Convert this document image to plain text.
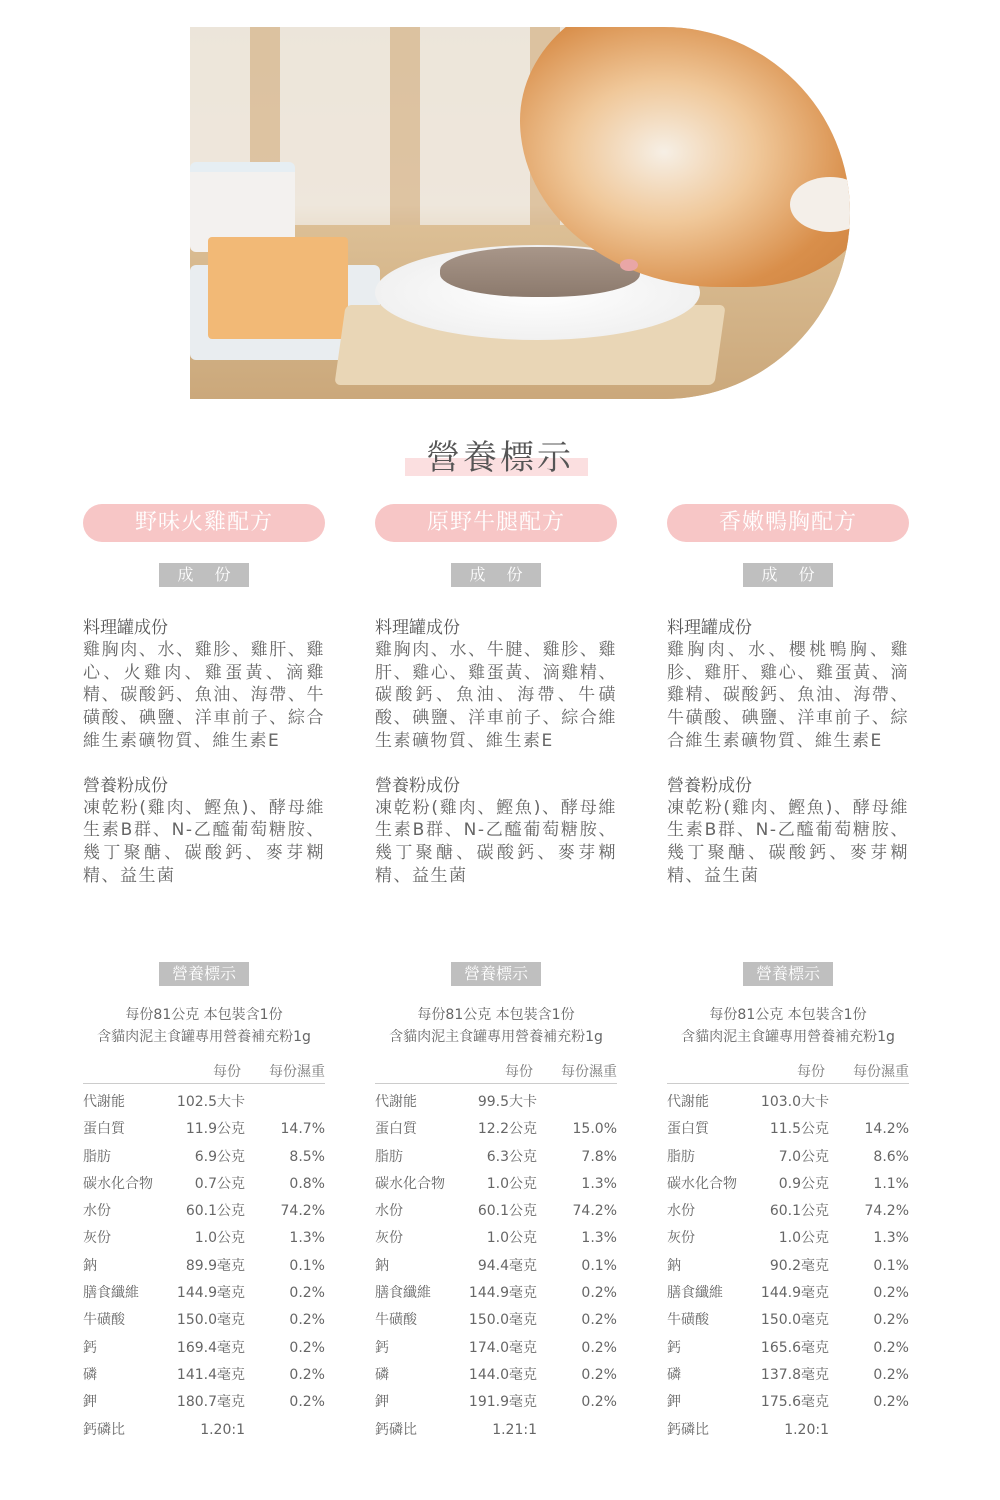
營養標示
野味火雞配方
成 份
料理罐成份
雞胸肉、水、雞胗、雞肝、雞心、火雞肉、雞蛋黃、滴雞精、碳酸鈣、魚油、海帶、牛磺酸、碘鹽、洋車前子、綜合維生素礦物質、維生素E
營養粉成份
凍乾粉(雞肉、鰹魚)、酵母維生素B群、N-乙醯葡萄糖胺、幾丁聚醣、碳酸鈣、麥芽糊精、益生菌
營養標示
每份81公克 本包裝含1份
含貓肉泥主食罐專用營養補充粉1g
每份 每份濕重
代謝能	102.5大卡
蛋白質	11.9公克	14.7%
脂肪	6.9公克	8.5%
碳水化合物	0.7公克	0.8%
水份	60.1公克	74.2%
灰份	1.0公克	1.3%
鈉	89.9毫克	0.1%
膳食纖維	144.9毫克	0.2%
牛磺酸	150.0毫克	0.2%
鈣	169.4毫克	0.2%
磷	141.4毫克	0.2%
鉀	180.7毫克	0.2%
鈣磷比	1.20:1
原野牛腿配方
成 份
料理罐成份
雞胸肉、水、牛腱、雞胗、雞肝、雞心、雞蛋黃、滴雞精、碳酸鈣、魚油、海帶、牛磺酸、碘鹽、洋車前子、綜合維生素礦物質、維生素E
營養粉成份
凍乾粉(雞肉、鰹魚)、酵母維生素B群、N-乙醯葡萄糖胺、幾丁聚醣、碳酸鈣、麥芽糊精、益生菌
營養標示
每份81公克 本包裝含1份
含貓肉泥主食罐專用營養補充粉1g
每份 每份濕重
代謝能	99.5大卡
蛋白質	12.2公克	15.0%
脂肪	6.3公克	7.8%
碳水化合物	1.0公克	1.3%
水份	60.1公克	74.2%
灰份	1.0公克	1.3%
鈉	94.4毫克	0.1%
膳食纖維	144.9毫克	0.2%
牛磺酸	150.0毫克	0.2%
鈣	174.0毫克	0.2%
磷	144.0毫克	0.2%
鉀	191.9毫克	0.2%
鈣磷比	1.21:1
香嫩鴨胸配方
成 份
料理罐成份
雞胸肉、水、櫻桃鴨胸、雞胗、雞肝、雞心、雞蛋黃、滴雞精、碳酸鈣、魚油、海帶、牛磺酸、碘鹽、洋車前子、綜合維生素礦物質、維生素E
營養粉成份
凍乾粉(雞肉、鰹魚)、酵母維生素B群、N-乙醯葡萄糖胺、幾丁聚醣、碳酸鈣、麥芽糊精、益生菌
營養標示
每份81公克 本包裝含1份
含貓肉泥主食罐專用營養補充粉1g
每份 每份濕重
代謝能	103.0大卡
蛋白質	11.5公克	14.2%
脂肪	7.0公克	8.6%
碳水化合物	0.9公克	1.1%
水份	60.1公克	74.2%
灰份	1.0公克	1.3%
鈉	90.2毫克	0.1%
膳食纖維	144.9毫克	0.2%
牛磺酸	150.0毫克	0.2%
鈣	165.6毫克	0.2%
磷	137.8毫克	0.2%
鉀	175.6毫克	0.2%
鈣磷比	1.20:1
